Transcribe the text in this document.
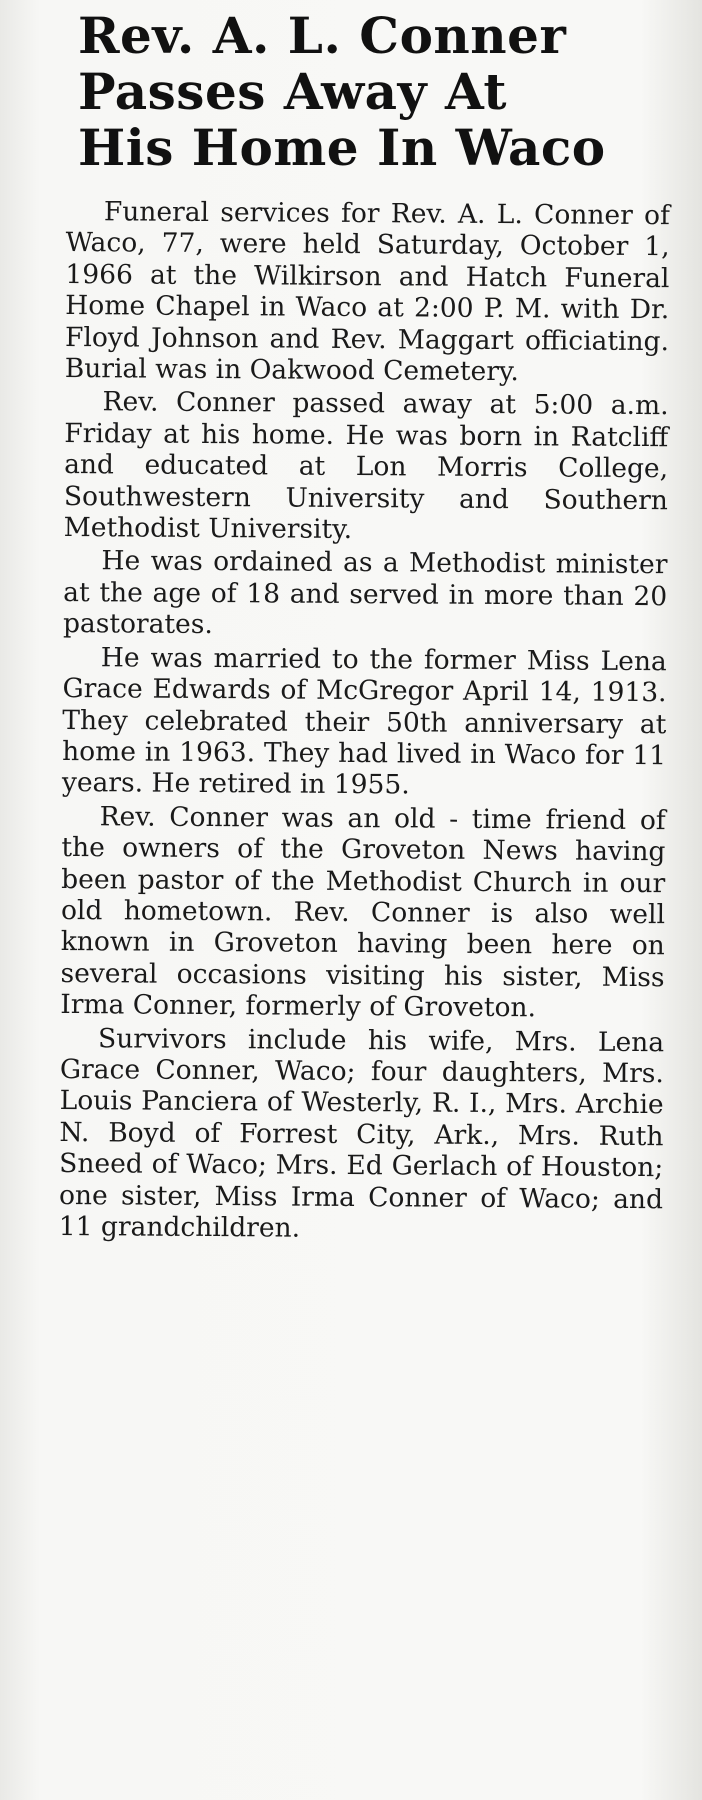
Rev. A. L. Conner
Passes Away At
His Home In Waco

Funeral services for Rev. A. L. Conner of Waco, 77, were held Saturday, October 1, 1966 at the Wilkirson and Hatch Funeral Home Chapel in Waco at 2:00 P. M. with Dr. Floyd Johnson and Rev. Maggart officiating. Burial was in Oakwood Cemetery.

Rev. Conner passed away at 5:00 a.m. Friday at his home. He was born in Ratcliff and educated at Lon Morris College, Southwestern University and Southern Methodist University.

He was ordained as a Methodist minister at the age of 18 and served in more than 20 pastorates.

He was married to the former Miss Lena Grace Edwards of McGregor April 14, 1913. They celebrated their 50th anniversary at home in 1963. They had lived in Waco for 11 years. He retired in 1955.

Rev. Conner was an old - time friend of the owners of the Groveton News having been pastor of the Methodist Church in our old hometown. Rev. Conner is also well known in Groveton having been here on several occasions visiting his sister, Miss Irma Conner, formerly of Groveton.

Survivors include his wife, Mrs. Lena Grace Conner, Waco; four daughters, Mrs. Louis Panciera of Westerly, R. I., Mrs. Archie N. Boyd of Forrest City, Ark., Mrs. Ruth Sneed of Waco; Mrs. Ed Gerlach of Houston; one sister, Miss Irma Conner of Waco; and 11 grandchildren.
